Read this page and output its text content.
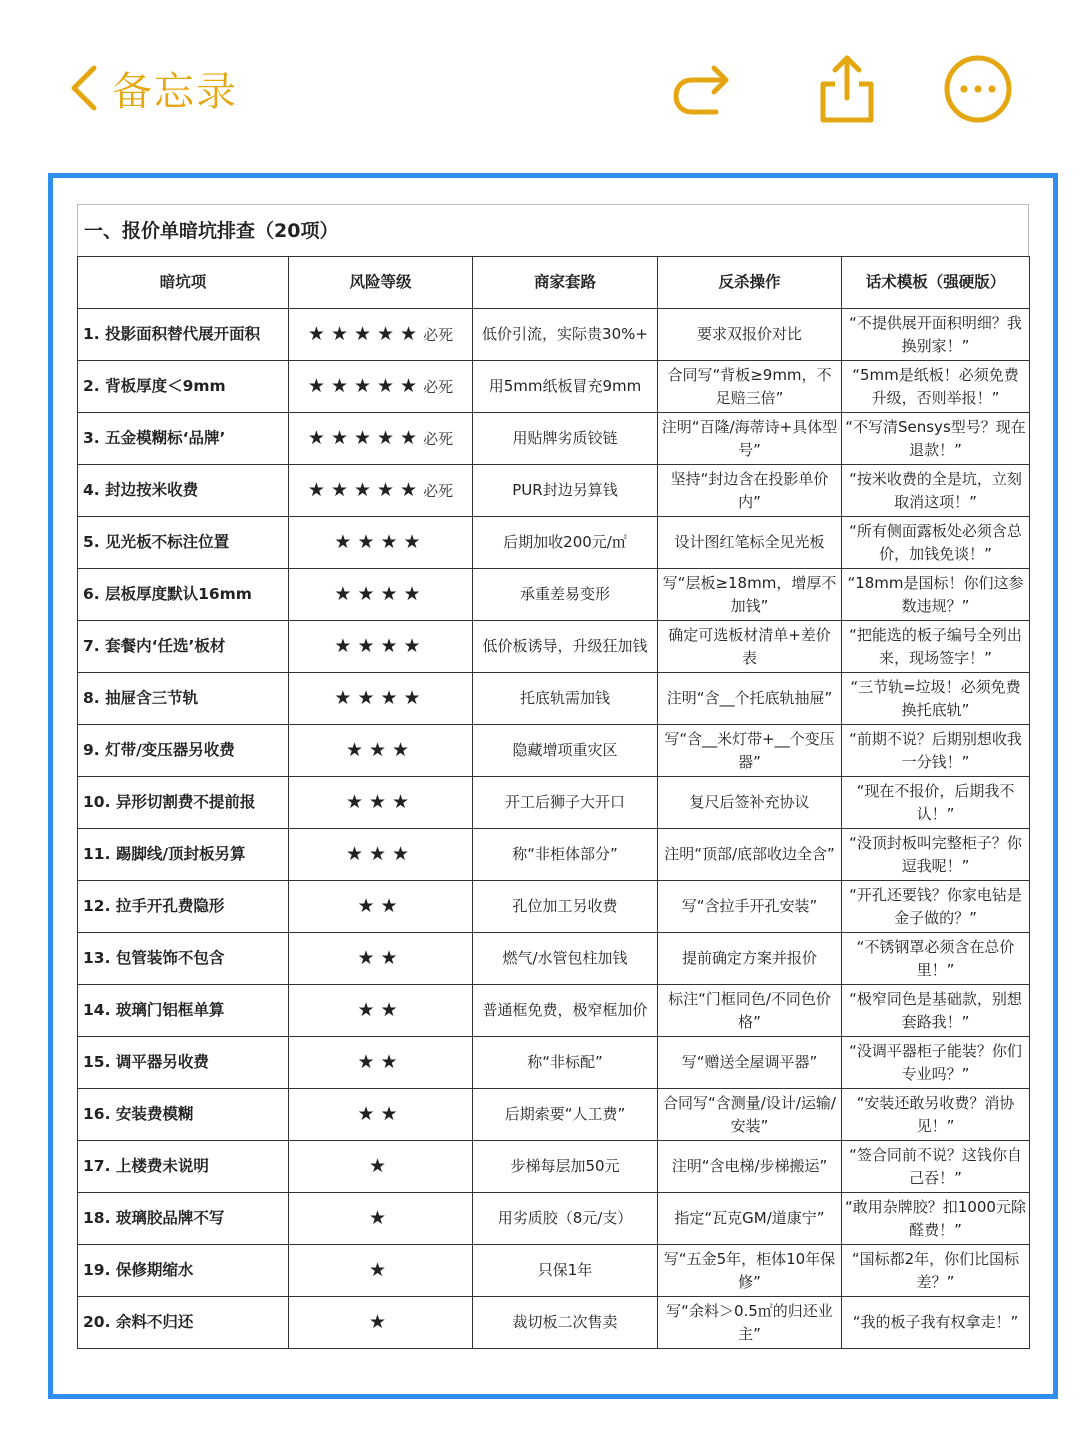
备忘录
一、报价单暗坑排查（20项）
暗坑项	风险等级	商家套路	反杀操作	话术模板（强硬版）
1. 投影面积替代展开面积	★★★★★必死	低价引流，实际贵30%+	要求双报价对比	“不提供展开面积明细？我换别家！”
2. 背板厚度＜9mm	★★★★★必死	用5mm纸板冒充9mm	合同写“背板≥9mm，不足赔三倍”	“5mm是纸板！必须免费升级，否则举报！”
3. 五金模糊标‘品牌’	★★★★★必死	用贴牌劣质铰链	注明“百隆/海蒂诗+具体型号”	“不写清Sensys型号？现在退款！”
4. 封边按米收费	★★★★★必死	PUR封边另算钱	坚持“封边含在投影单价内”	“按米收费的全是坑，立刻取消这项！”
5. 见光板不标注位置	★★★★	后期加收200元/㎡	设计图红笔标全见光板	“所有侧面露板处必须含总价，加钱免谈！”
6. 层板厚度默认16mm	★★★★	承重差易变形	写“层板≥18mm，增厚不加钱”	“18mm是国标！你们这参数违规？”
7. 套餐内‘任选’板材	★★★★	低价板诱导，升级狂加钱	确定可选板材清单+差价表	“把能选的板子编号全列出来，现场签字！”
8. 抽屉含三节轨	★★★★	托底轨需加钱	注明“含__个托底轨抽屉”	“三节轨=垃圾！必须免费换托底轨”
9. 灯带/变压器另收费	★★★	隐藏增项重灾区	写“含__米灯带+__个变压器”	“前期不说？后期别想收我一分钱！”
10. 异形切割费不提前报	★★★	开工后狮子大开口	复尺后签补充协议	“现在不报价，后期我不认！”
11. 踢脚线/顶封板另算	★★★	称“非柜体部分”	注明“顶部/底部收边全含”	“没顶封板叫完整柜子？你逗我呢！”
12. 拉手开孔费隐形	★★	孔位加工另收费	写“含拉手开孔安装”	“开孔还要钱？你家电钻是金子做的？”
13. 包管装饰不包含	★★	燃气/水管包柱加钱	提前确定方案并报价	“不锈钢罩必须含在总价里！”
14. 玻璃门铝框单算	★★	普通框免费，极窄框加价	标注“门框同色/不同色价格”	“极窄同色是基础款，别想套路我！”
15. 调平器另收费	★★	称“非标配”	写“赠送全屋调平器”	“没调平器柜子能装？你们专业吗？”
16. 安装费模糊	★★	后期索要“人工费”	合同写“含测量/设计/运输/安装”	“安装还敢另收费？消协见！”
17. 上楼费未说明	★	步梯每层加50元	注明“含电梯/步梯搬运”	“签合同前不说？这钱你自己吞！”
18. 玻璃胶品牌不写	★	用劣质胶（8元/支）	指定“瓦克GM/道康宁”	“敢用杂牌胶？扣1000元除醛费！”
19. 保修期缩水	★	只保1年	写“五金5年，柜体10年保修”	“国标都2年，你们比国标差？”
20. 余料不归还	★	裁切板二次售卖	写“余料＞0.5㎡的归还业主”	“我的板子我有权拿走！”
